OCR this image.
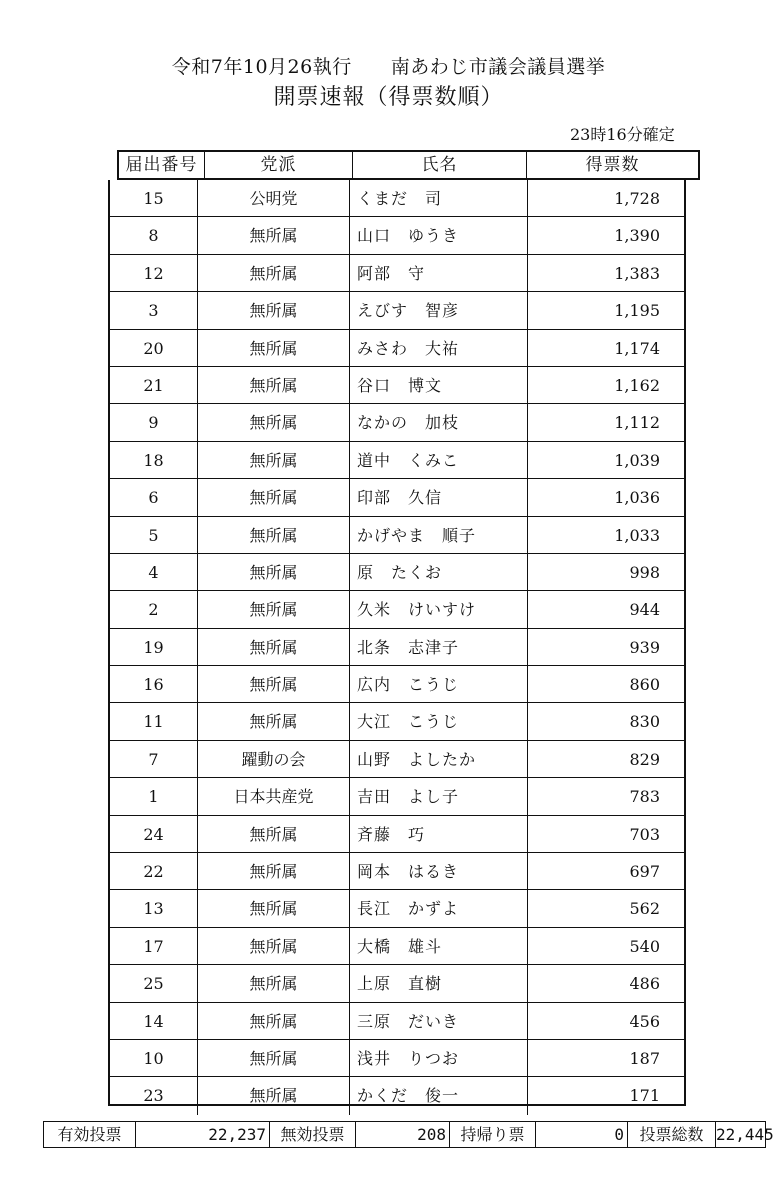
令和7年10月26執行　　南あわじ市議会議員選挙
開票速報（得票数順）
23時16分確定
届出番号	党派	氏名	得票数
15	公明党	くまだ　司	1,728
8	無所属	山口　ゆうき	1,390
12	無所属	阿部　守	1,383
3	無所属	えびす　智彦	1,195
20	無所属	みさわ　大祐	1,174
21	無所属	谷口　博文	1,162
9	無所属	なかの　加枝	1,112
18	無所属	道中　くみこ	1,039
6	無所属	印部　久信	1,036
5	無所属	かげやま　順子	1,033
4	無所属	原　たくお	998
2	無所属	久米　けいすけ	944
19	無所属	北条　志津子	939
16	無所属	広内　こうじ	860
11	無所属	大江　こうじ	830
7	躍動の会	山野　よしたか	829
1	日本共産党	吉田　よし子	783
24	無所属	斉藤　巧	703
22	無所属	岡本　はるき	697
13	無所属	長江　かずよ	562
17	無所属	大橋　雄斗	540
25	無所属	上原　直樹	486
14	無所属	三原　だいき	456
10	無所属	浅井　りつお	187
23	無所属	かくだ　俊一	171
有効投票	22,237 無効投票	208 持帰り票	0 投票総数 22,445
